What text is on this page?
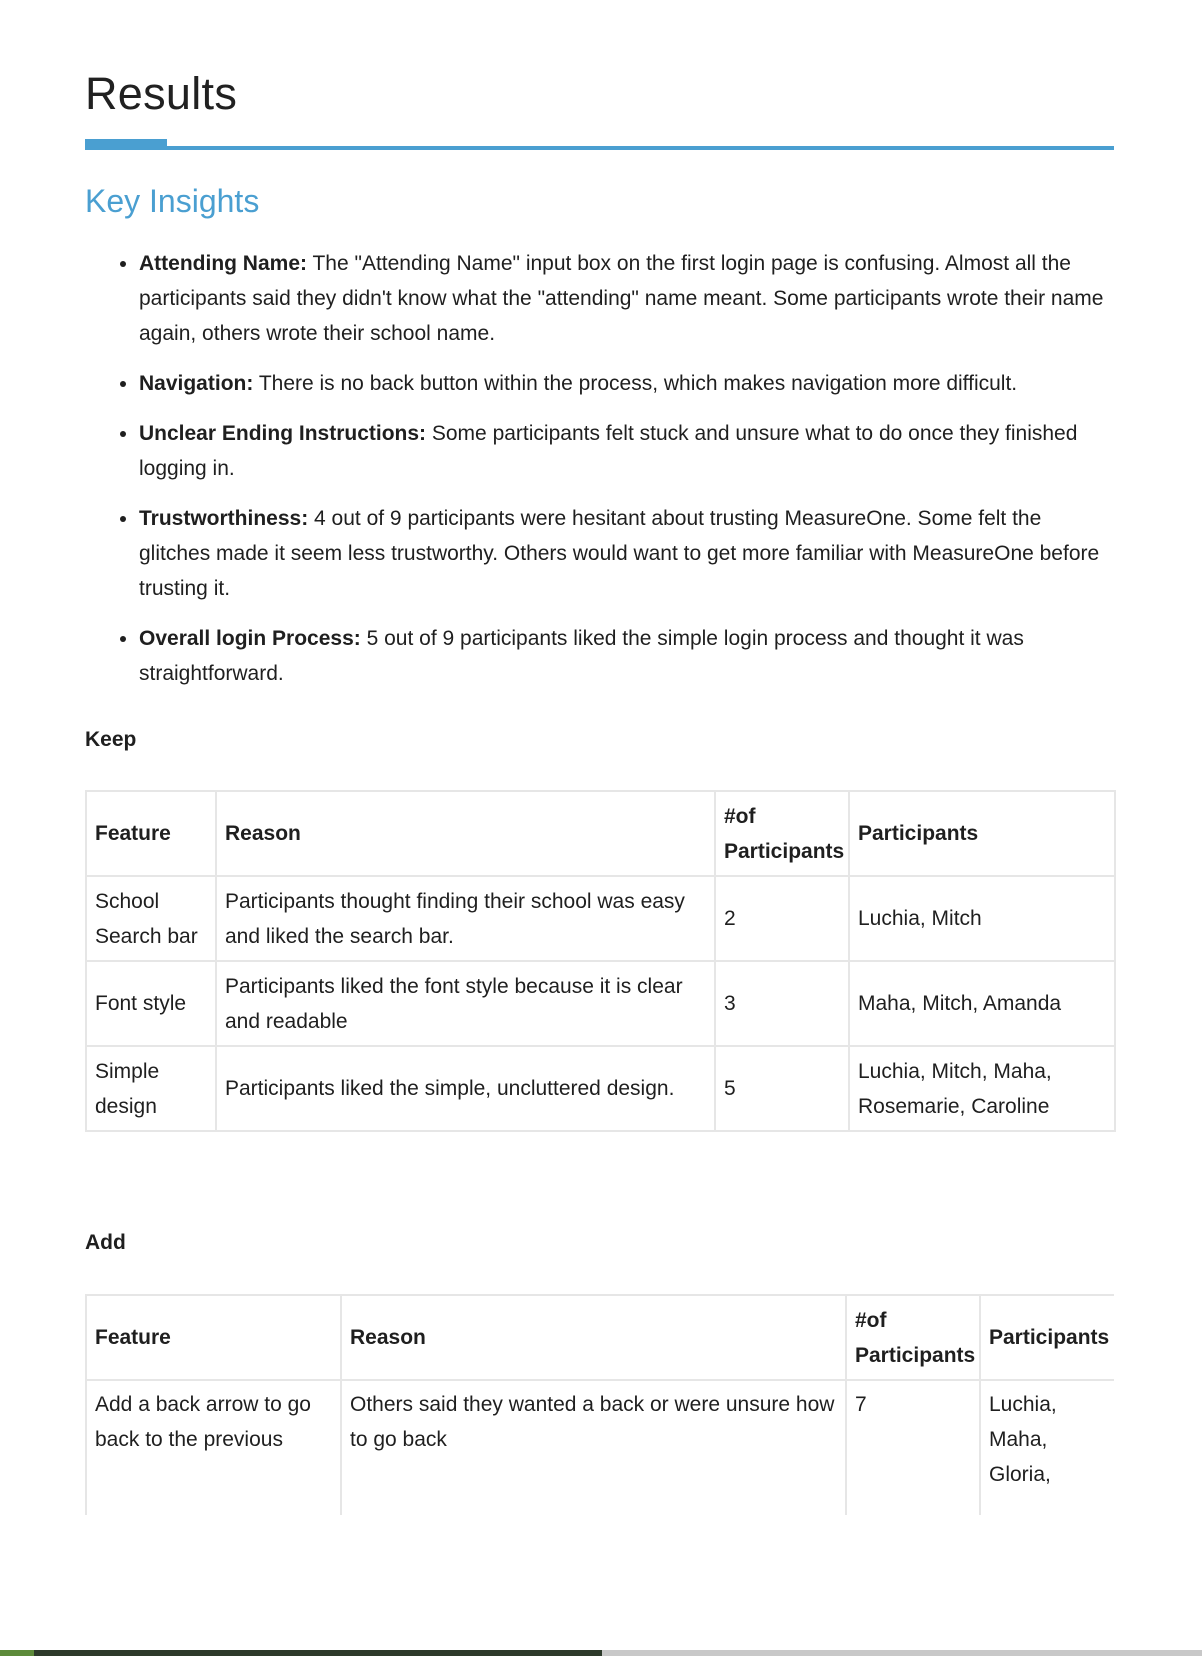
Results
Key Insights
• Attending Name: The "Attending Name" input box on the first login page is confusing. Almost all the participants said they didn't know what the "attending" name meant. Some participants wrote their name again, others wrote their school name.
• Navigation: There is no back button within the process, which makes navigation more difficult.
• Unclear Ending Instructions: Some participants felt stuck and unsure what to do once they finished logging in.
• Trustworthiness: 4 out of 9 participants were hesitant about trusting MeasureOne. Some felt the glitches made it seem less trustworthy. Others would want to get more familiar with MeasureOne before trusting it.
• Overall login Process: 5 out of 9 participants liked the simple login process and thought it was straightforward.

Keep

Feature	Reason	#of Participants	Participants
School Search bar	Participants thought finding their school was easy and liked the search bar.	2	Luchia, Mitch
Font style	Participants liked the font style because it is clear and readable	3	Maha, Mitch, Amanda
Simple design	Participants liked the simple, uncluttered design.	5	Luchia, Mitch, Maha, Rosemarie, Caroline

Add

Feature	Reason	#of Participants	Participants
Add a back arrow to go back to the previous	Others said they wanted a back or were unsure how to go back	7	Luchia, Maha, Gloria,
